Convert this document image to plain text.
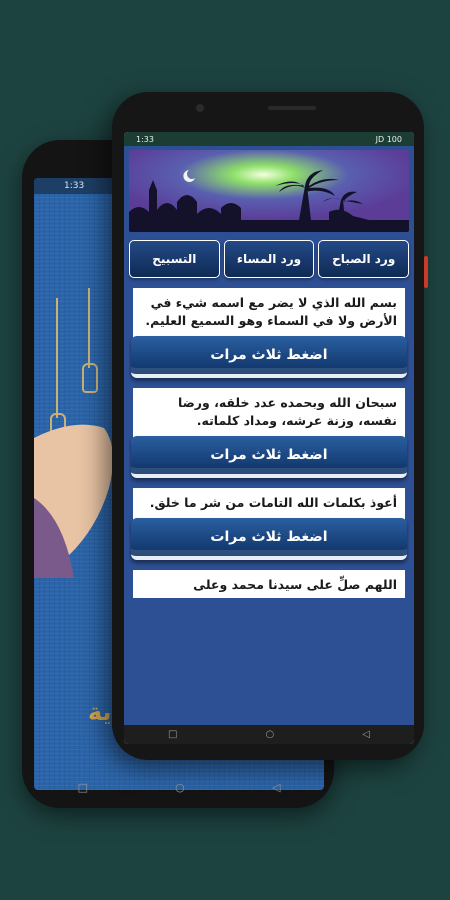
1:33
ية
□	○	◁
1:33	JD 100
التسبيح	ورد المساء	ورد الصباح
بسم الله الذي لا يضر مع اسمه شيء في الأرض ولا في السماء وهو السميع العليم.
اضغط ثلاث مرات
سبحان الله وبحمده عدد خلقه، ورضا نفسه، وزنة عرشه، ومداد كلماته.
اضغط ثلاث مرات
أعوذ بكلمات الله التامات من شر ما خلق.
اضغط ثلاث مرات
اللهم صلِّ على سيدنا محمد وعلى
□	○	◁
